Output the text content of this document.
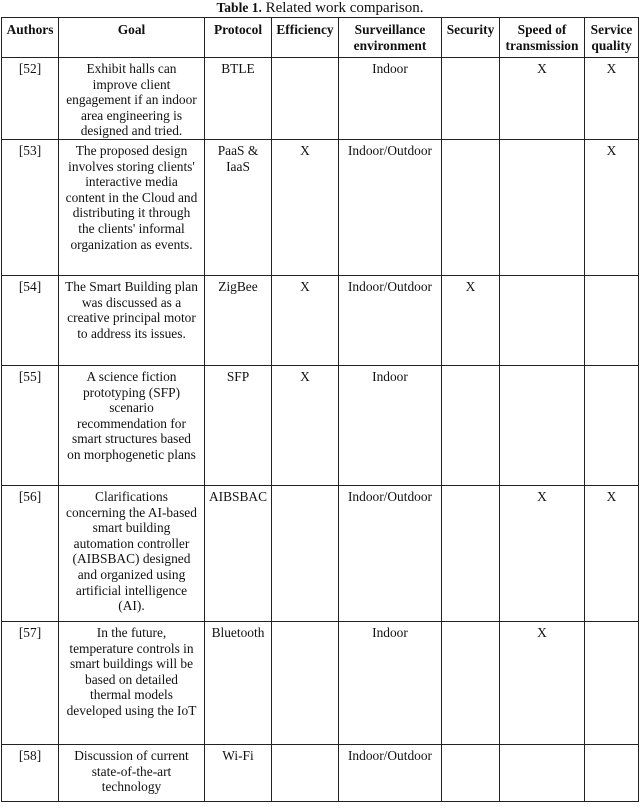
Table 1. Related work comparison.
Authors	Goal	Protocol	Efficiency	Surveillance environment	Security	Speed of transmission	Service quality
[52]	Exhibit halls can improve client engagement if an indoor area engineering is designed and tried.	BTLE		Indoor		X	X
[53]	The proposed design involves storing clients' interactive media content in the Cloud and distributing it through the clients' informal organization as events.	PaaS & IaaS	X	Indoor/Outdoor			X
[54]	The Smart Building plan was discussed as a creative principal motor to address its issues.	ZigBee	X	Indoor/Outdoor	X		
[55]	A science fiction prototyping (SFP) scenario recommendation for smart structures based on morphogenetic plans	SFP	X	Indoor			
[56]	Clarifications concerning the AI-based smart building automation controller (AIBSBAC) designed and organized using artificial intelligence (AI).	AIBSBAC		Indoor/Outdoor		X	X
[57]	In the future, temperature controls in smart buildings will be based on detailed thermal models developed using the IoT	Bluetooth		Indoor		X	
[58]	Discussion of current state-of-the-art technology	Wi-Fi		Indoor/Outdoor			
